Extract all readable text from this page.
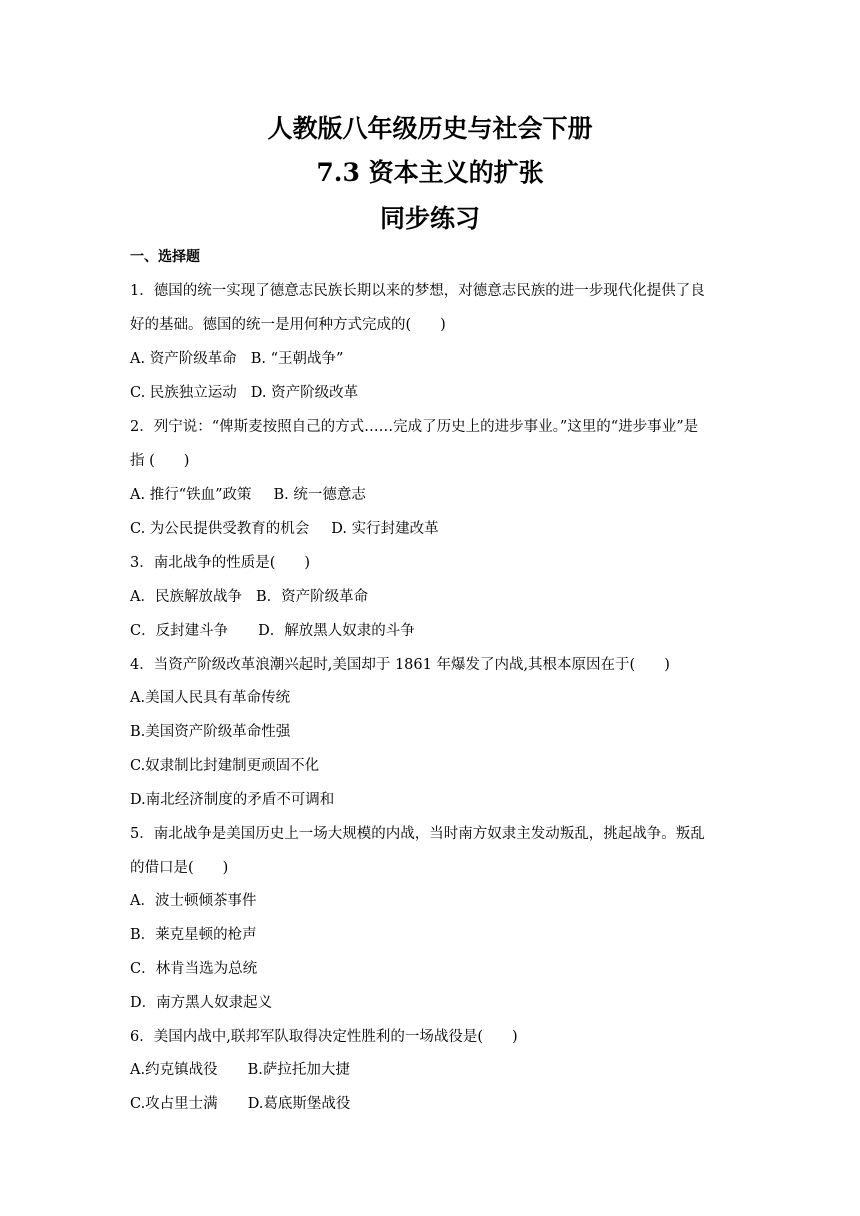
人教版八年级历史与社会下册
7.3 资本主义的扩张
同步练习
一、选择题
1．德国的统一实现了德意志民族长期以来的梦想，对德意志民族的进一步现代化提供了良
好的基础。德国的统一是用何种方式完成的(　　)
A. 资产阶级革命 B. “王朝战争”
C. 民族独立运动 D. 资产阶级改革
2．列宁说：“俾斯麦按照自己的方式……完成了历史上的进步事业。”这里的“进步事业”是
指 (　　)
A. 推行“铁血”政策 B. 统一德意志
C. 为公民提供受教育的机会 D. 实行封建改革
3．南北战争的性质是(　　)
A．民族解放战争 B．资产阶级革命
C．反封建斗争 D．解放黑人奴隶的斗争
4．当资产阶级改革浪潮兴起时,美国却于 1861 年爆发了内战,其根本原因在于(　　)
A.美国人民具有革命传统
B.美国资产阶级革命性强
C.奴隶制比封建制更顽固不化
D.南北经济制度的矛盾不可调和
5．南北战争是美国历史上一场大规模的内战，当时南方奴隶主发动叛乱，挑起战争。叛乱
的借口是(　　)
A．波士顿倾茶事件
B．莱克星顿的枪声
C．林肯当选为总统
D．南方黑人奴隶起义
6．美国内战中,联邦军队取得决定性胜利的一场战役是(　　)
A.约克镇战役 B.萨拉托加大捷
C.攻占里士满 D.葛底斯堡战役
